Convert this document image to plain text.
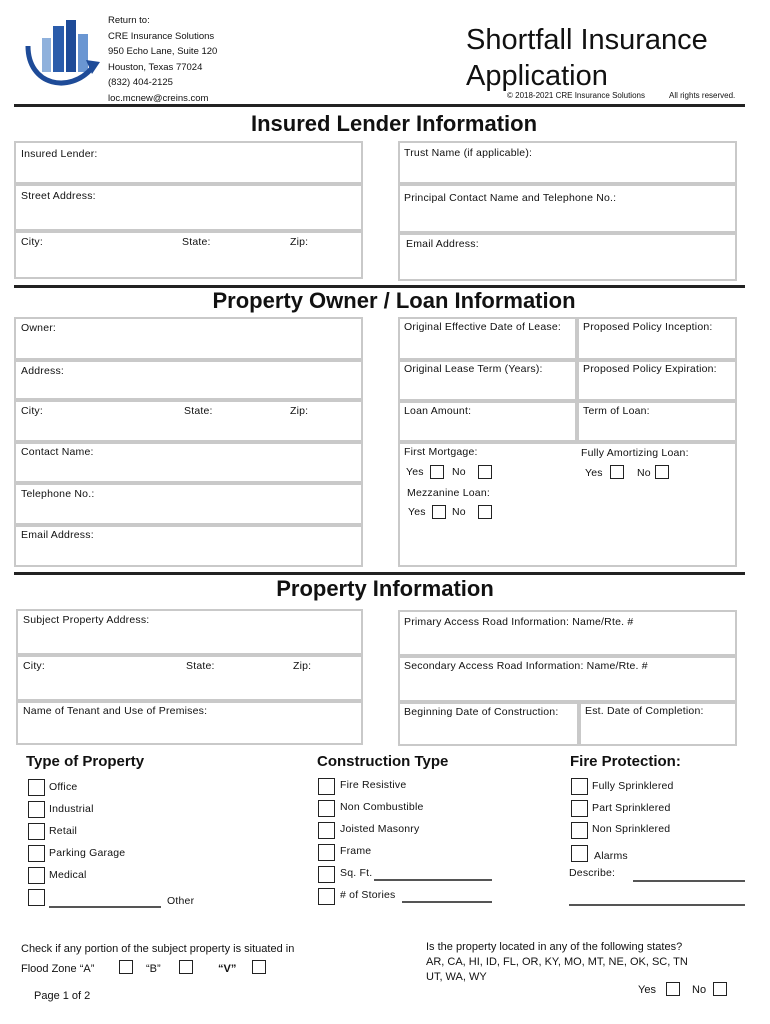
Return to:
CRE Insurance Solutions
950 Echo Lane, Suite 120
Houston, Texas 77024
(832) 404-2125
loc.mcnew@creins.com
Shortfall Insurance
Application
© 2018-2021 CRE Insurance Solutions	All rights reserved.
Insured Lender Information
Insured Lender:
Street Address:
City:	State:	Zip:
Trust Name (if applicable):
Principal Contact Name and Telephone No.:
Email Address:
Property Owner / Loan Information
Owner:
Address:
City:	State:	Zip:
Contact Name:
Telephone No.:
Email Address:
Original Effective Date of Lease: Proposed Policy Inception:
Original Lease Term (Years):	Proposed Policy Expiration:
Loan Amount:	Term of Loan:
First Mortgage:
Yes	No
Fully Amortizing Loan:
Yes	No
Mezzanine Loan:
Yes	No
Property Information
Subject Property Address:
City:	State:	Zip:
Name of Tenant and Use of Premises:
Primary Access Road Information: Name/Rte. #
Secondary Access Road Information: Name/Rte. #
Beginning Date of Construction:	Est. Date of Completion:
Type of Property
Office
Industrial
Retail
Parking Garage
Medical
Other
Construction Type
Fire Resistive
Non Combustible
Joisted Masonry
Frame
Sq. Ft.
# of Stories
Fire Protection:
Fully Sprinklered
Part Sprinklered
Non Sprinklered
Alarms
Describe:
Check if any portion of the subject property is situated in
Flood Zone “A”	“B”	“V”
Is the property located in any of the following states?
AR, CA, HI, ID, FL, OR, KY, MO, MT, NE, OK, SC, TN
UT, WA, WY
Yes	No
Page 1 of 2
